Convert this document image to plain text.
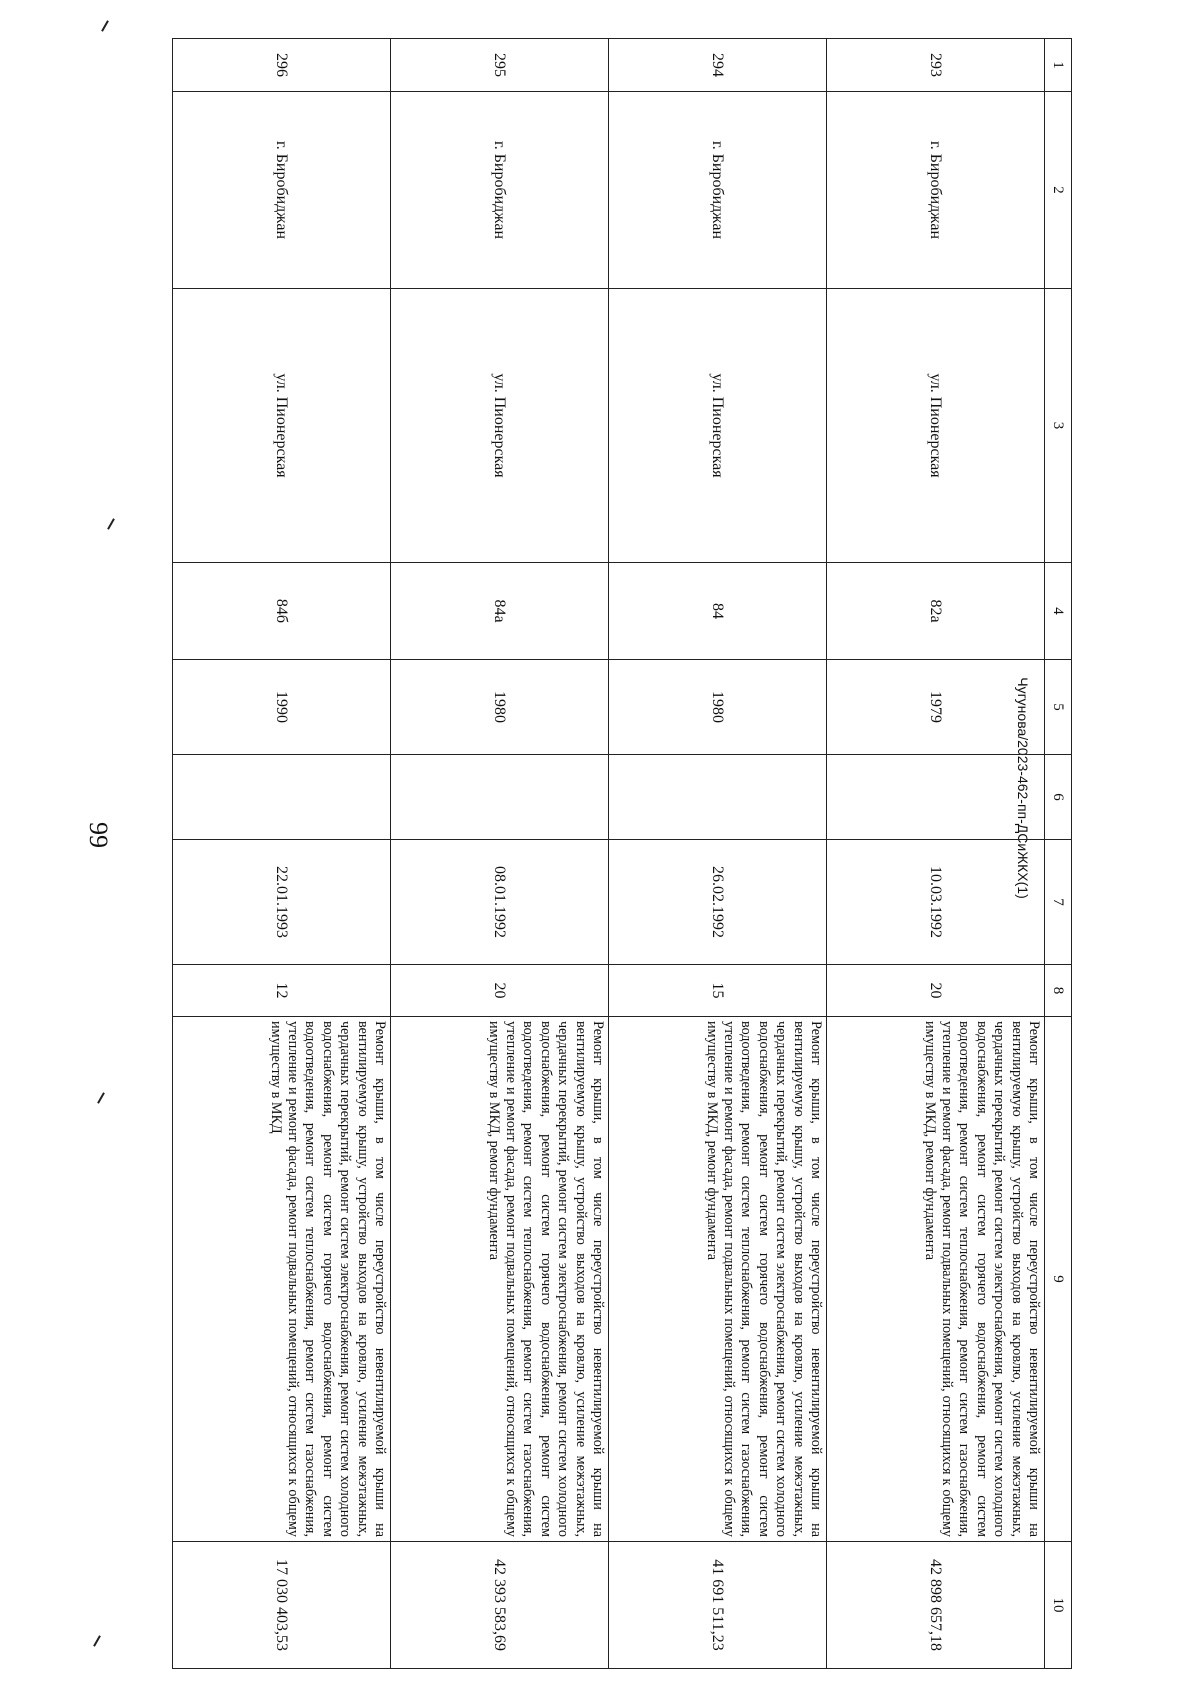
99	Чугунова/2023-462-пп-ДСиЖКХ(1)
1	2	3	4	5	6	7	8	9	10
293	г. Биробиджан	ул. Пионерская	82а	1979		10.03.1992	20	Ремонт крыши, в том числе переустройство невентилируемой крыши на вентилируемую крышу, устройство выходов на кровлю, усиление межэтажных, чердачных перекрытий, ремонт систем электроснабжения, ремонт систем холодного водоснабжения, ремонт систем горячего водоснабжения, ремонт систем водоотведения, ремонт систем теплоснабжения, ремонт систем газоснабжения, утепление и ремонт фасада, ремонт подвальных помещений, относящихся к общему имуществу в МКД, ремонт фундамента	42 898 657,18
294	г. Биробиджан	ул. Пионерская	84	1980		26.02.1992	15	Ремонт крыши, в том числе переустройство невентилируемой крыши на вентилируемую крышу, устройство выходов на кровлю, усиление межэтажных, чердачных перекрытий, ремонт систем электроснабжения, ремонт систем холодного водоснабжения, ремонт систем горячего водоснабжения, ремонт систем водоотведения, ремонт систем теплоснабжения, ремонт систем газоснабжения, утепление и ремонт фасада, ремонт подвальных помещений, относящихся к общему имуществу в МКД, ремонт фундамента	41 691 511,23
295	г. Биробиджан	ул. Пионерская	84а	1980		08.01.1992	20	Ремонт крыши, в том числе переустройство невентилируемой крыши на вентилируемую крышу, устройство выходов на кровлю, усиление межэтажных, чердачных перекрытий, ремонт систем электроснабжения, ремонт систем холодного водоснабжения, ремонт систем горячего водоснабжения, ремонт систем водоотведения, ремонт систем теплоснабжения, ремонт систем газоснабжения, утепление и ремонт фасада, ремонт подвальных помещений, относящихся к общему имуществу в МКД, ремонт фундамента	42 393 583,69
296	г. Биробиджан	ул. Пионерская	84б	1990		22.01.1993	12	Ремонт крыши, в том числе переустройство невентилируемой крыши на вентилируемую крышу, устройство выходов на кровлю, усиление межэтажных, чердачных перекрытий, ремонт систем электроснабжения, ремонт систем холодного водоснабжения, ремонт систем горячего водоснабжения, ремонт систем водоотведения, ремонт систем теплоснабжения, ремонт систем газоснабжения, утепление и ремонт фасада, ремонт подвальных помещений, относящихся к общему имуществу в МКД	17 030 403,53
